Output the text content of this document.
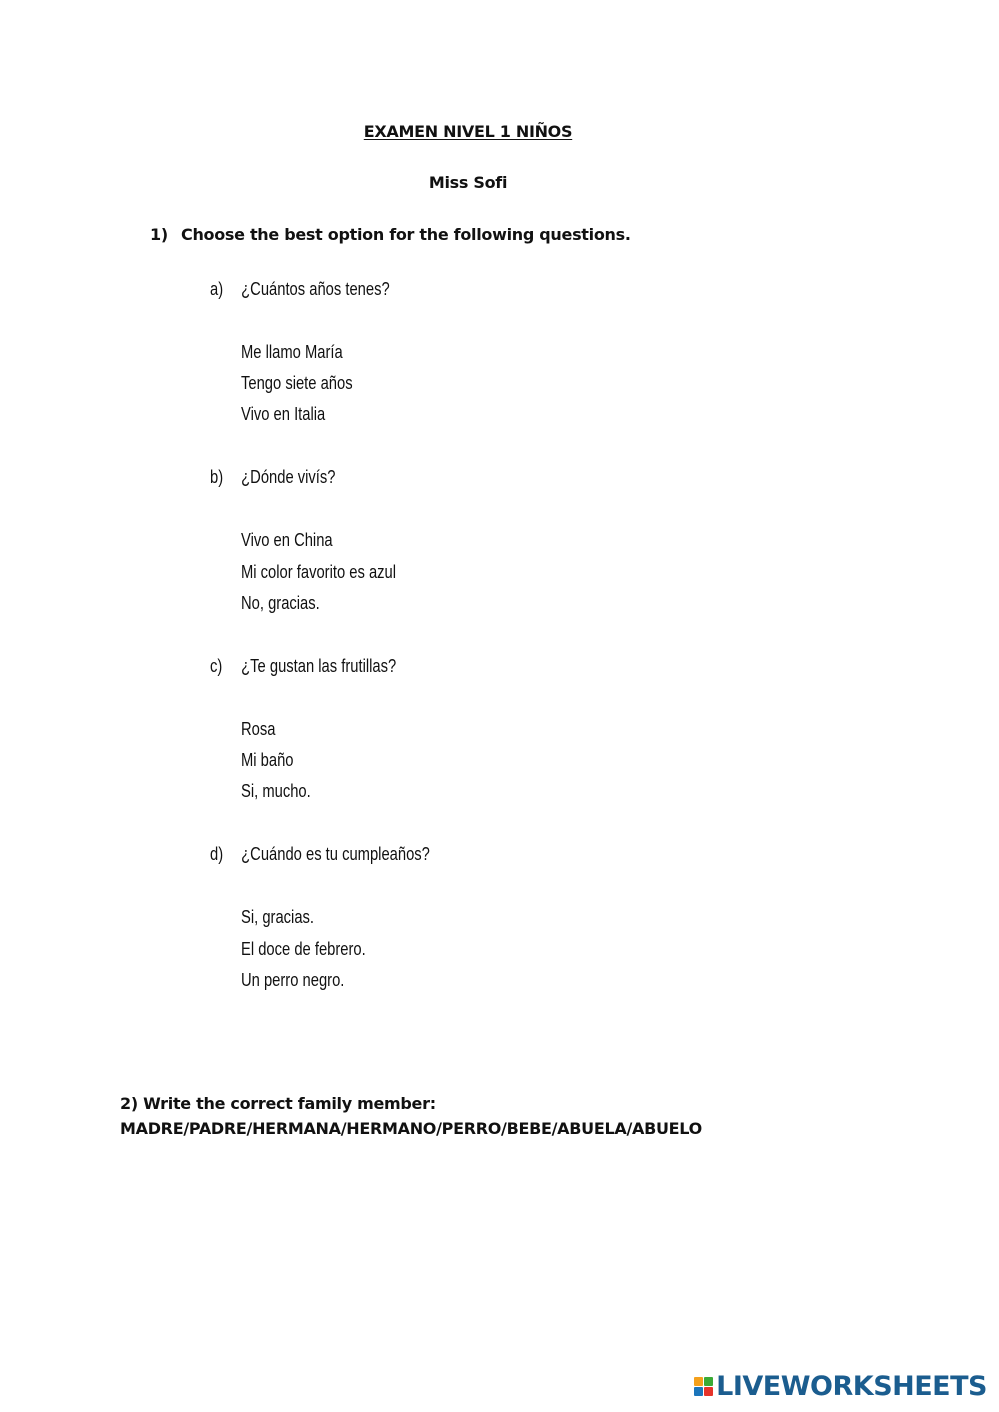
EXAMEN NIVEL 1 NIÑOS
Miss Sofi
1) Choose the best option for the following questions.
a) ¿Cuántos años tenes?
Me llamo María
Tengo siete años
Vivo en Italia
b) ¿Dónde vivís?
Vivo en China
Mi color favorito es azul
No, gracias.
c) ¿Te gustan las frutillas?
Rosa
Mi baño
Si, mucho.
d) ¿Cuándo es tu cumpleaños?
Si, gracias.
El doce de febrero.
Un perro negro.
2) Write the correct family member:
MADRE/PADRE/HERMANA/HERMANO/PERRO/BEBE/ABUELA/ABUELO
LIVEWORKSHEETS
